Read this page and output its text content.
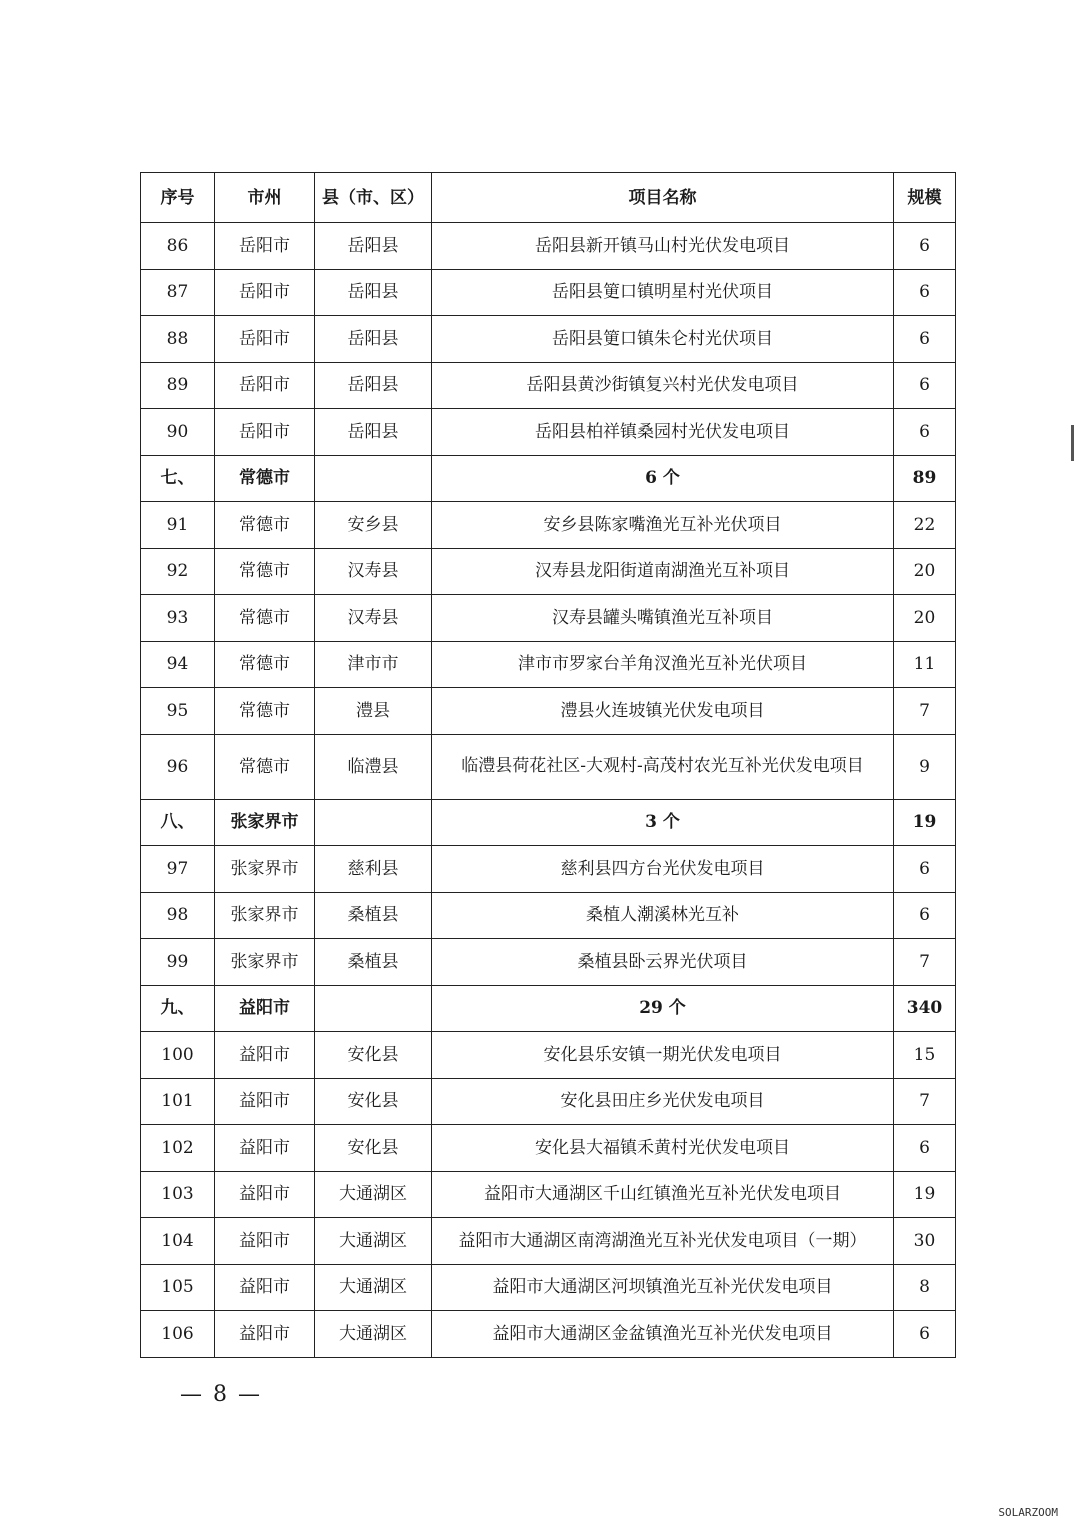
序号	市州	县（市、区）	项目名称	规模
86	岳阳市	岳阳县	岳阳县新开镇马山村光伏发电项目	6
87	岳阳市	岳阳县	岳阳县筻口镇明星村光伏项目	6
88	岳阳市	岳阳县	岳阳县筻口镇朱仑村光伏项目	6
89	岳阳市	岳阳县	岳阳县黄沙街镇复兴村光伏发电项目	6
90	岳阳市	岳阳县	岳阳县柏祥镇桑园村光伏发电项目	6
七、	常德市		6 个	89
91	常德市	安乡县	安乡县陈家嘴渔光互补光伏项目	22
92	常德市	汉寿县	汉寿县龙阳街道南湖渔光互补项目	20
93	常德市	汉寿县	汉寿县罐头嘴镇渔光互补项目	20
94	常德市	津市市	津市市罗家台羊角汊渔光互补光伏项目	11
95	常德市	澧县	澧县火连坡镇光伏发电项目	7
96	常德市	临澧县	临澧县荷花社区-大观村-高茂村农光互补光伏发电项目	9
八、	张家界市		3 个	19
97	张家界市	慈利县	慈利县四方台光伏发电项目	6
98	张家界市	桑植县	桑植人潮溪林光互补	6
99	张家界市	桑植县	桑植县卧云界光伏项目	7
九、	益阳市		29 个	340
100	益阳市	安化县	安化县乐安镇一期光伏发电项目	15
101	益阳市	安化县	安化县田庄乡光伏发电项目	7
102	益阳市	安化县	安化县大福镇禾黄村光伏发电项目	6
103	益阳市	大通湖区	益阳市大通湖区千山红镇渔光互补光伏发电项目	19
104	益阳市	大通湖区	益阳市大通湖区南湾湖渔光互补光伏发电项目（一期）	30
105	益阳市	大通湖区	益阳市大通湖区河坝镇渔光互补光伏发电项目	8
106	益阳市	大通湖区	益阳市大通湖区金盆镇渔光互补光伏发电项目	6
— 8 —
SOLARZOOM
